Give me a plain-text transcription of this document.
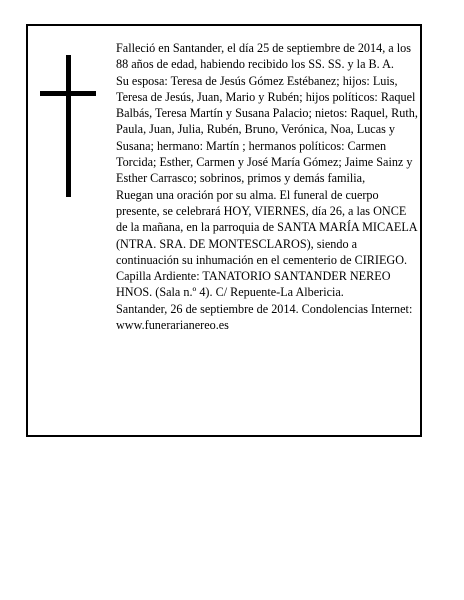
Falleció en Santander, el día 25 de septiembre de 2014, a los 88 años de edad, habiendo recibido los SS. SS. y la B. A.

Su esposa: Teresa de Jesús Gómez Estébanez; hijos: Luis, Teresa de Jesús, Juan, Mario y Rubén; hijos políticos: Raquel Balbás, Teresa Martín y Susana Palacio; nietos: Raquel, Ruth, Paula, Juan, Julia, Rubén, Bruno, Verónica, Noa, Lucas y Susana; hermano: Martín ; hermanos políticos: Carmen Torcida; Esther, Carmen y José María Gómez; Jaime Sainz y Esther Carrasco; sobrinos, primos y demás familia,

Ruegan una oración por su alma. El funeral de cuerpo presente, se celebrará HOY, VIERNES, día 26, a las ONCE de la mañana, en la parroquia de SANTA MARÍA MICAELA (NTRA. SRA. DE MONTESCLAROS), siendo a continuación su inhumación en el cementerio de CIRIEGO. Capilla Ardiente: TANATORIO SANTANDER NEREO HNOS. (Sala n.º 4). C/ Repuente-La Albericia.

Santander, 26 de septiembre de 2014. Condolencias Internet: www.funerarianereo.es
